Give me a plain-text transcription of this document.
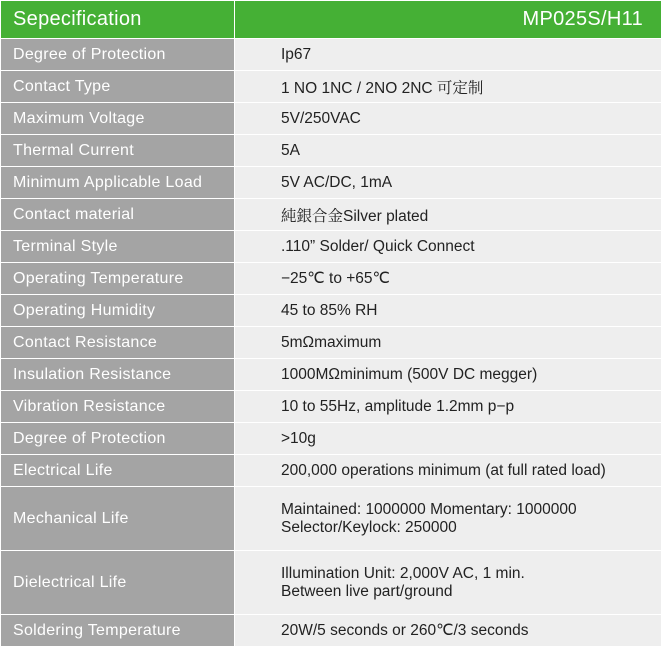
Sepecification	MP025S/H11
Degree of Protection	Ip67
Contact Type	1 NO 1NC / 2NO 2NC 可定制
Maximum Voltage	5V/250VAC
Thermal Current	5A
Minimum Applicable Load	5V AC/DC, 1mA
Contact material	純銀合金Silver plated
Terminal Style	.110” Solder/ Quick Connect
Operating Temperature	−25℃ to +65℃
Operating Humidity	45 to 85% RH
Contact Resistance	5mΩmaximum
Insulation Resistance	1000MΩminimum (500V DC megger)
Vibration Resistance	10 to 55Hz, amplitude 1.2mm p−p
Degree of Protection	>10g
Electrical Life	200,000 operations minimum (at full rated load)
Mechanical Life	Maintained: 1000000 Momentary: 1000000
Selector/Keylock: 250000

Dielectrical Life	Illumination Unit: 2,000V AC, 1 min.
Between live part/ground

Soldering Temperature	20W/5 seconds or 260℃/3 seconds
